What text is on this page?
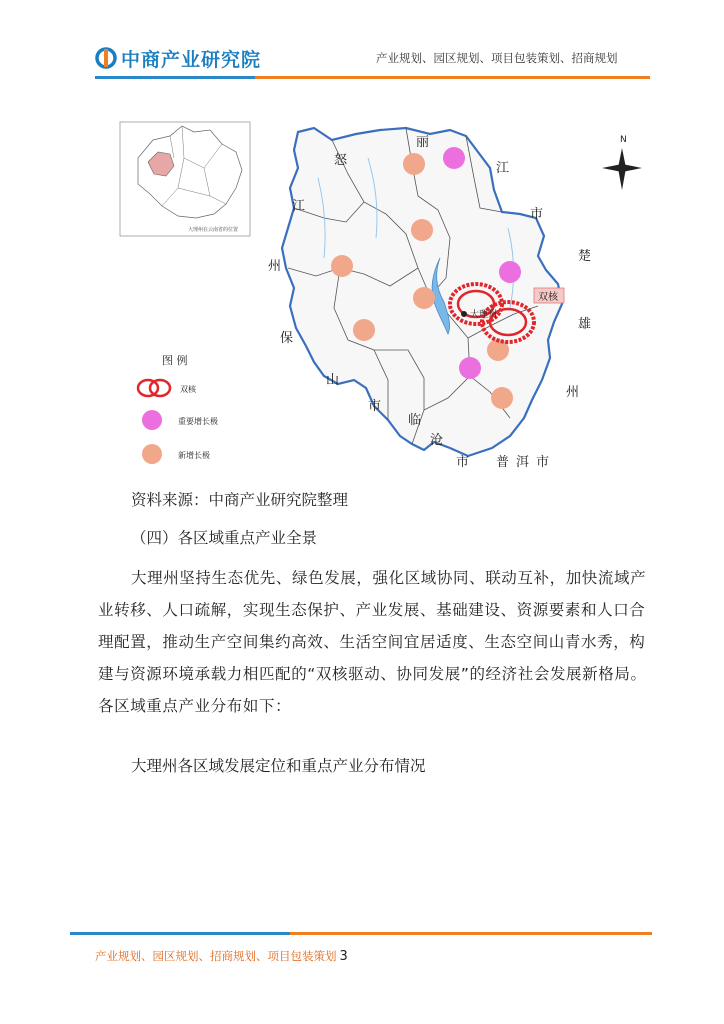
中商产业研究院	产业规划、园区规划、项目包装策划、招商规划
大理州在云南省的位置
怒
江
州
保
山
市
临
沧
市 普 洱 市
楚
雄
州
丽
江
市
双核
大理州
N
图 例
双核
重要增长极
新增长极
资料来源：中商产业研究院整理
（四）各区域重点产业全景
大理州坚持生态优先、绿色发展，强化区域协同、联动互补，加快流域产业转移、人口疏解，实现生态保护、产业发展、基础建设、资源要素和人口合理配置，推动生产空间集约高效、生活空间宜居适度、生态空间山青水秀，构建与资源环境承载力相匹配的“双核驱动、协同发展”的经济社会发展新格局。各区域重点产业分布如下：
大理州各区域发展定位和重点产业分布情况
产业规划、园区规划、招商规划、项目包装策划 3
